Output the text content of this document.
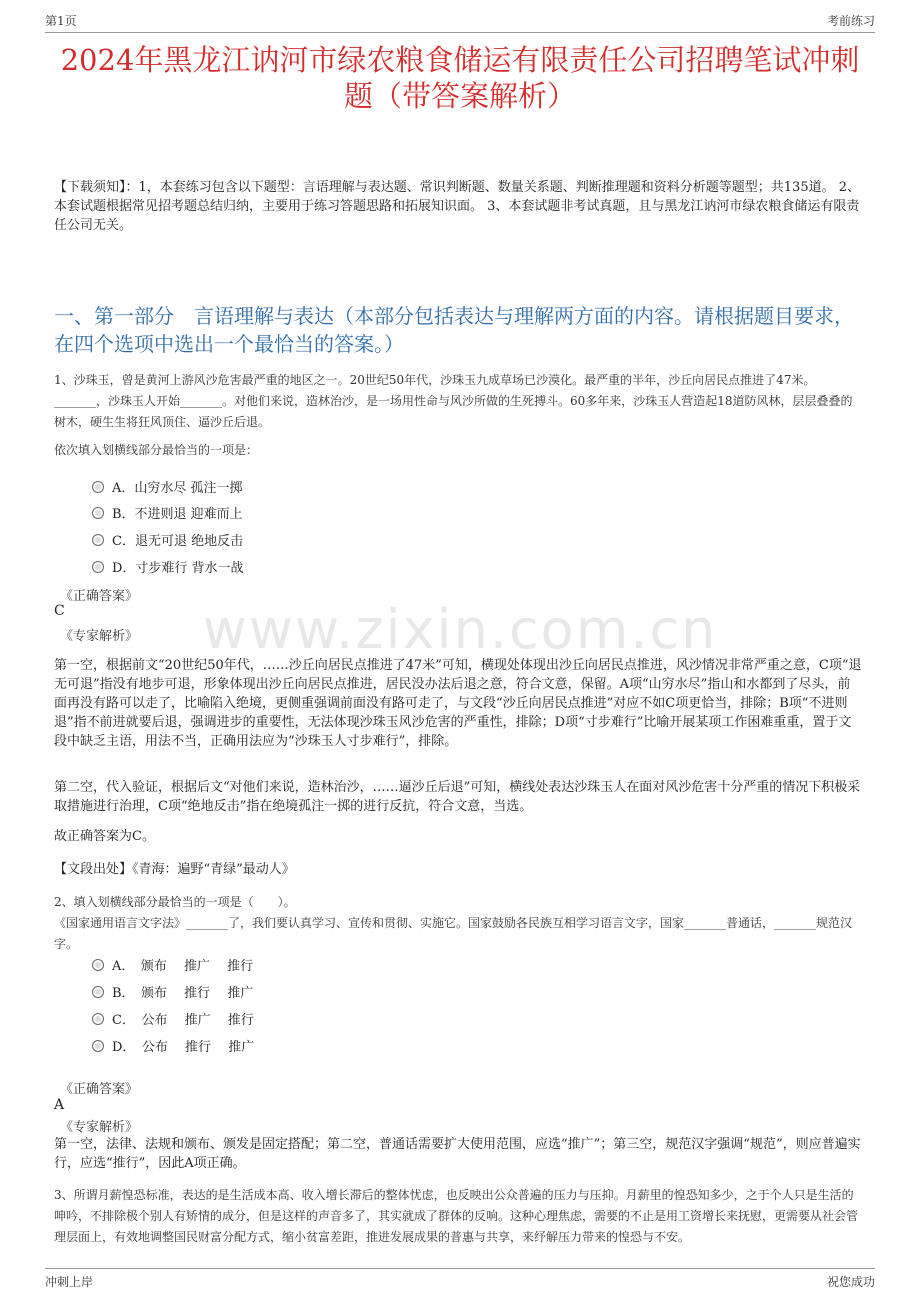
第1页	考前练习
www.zixin.com.cn
2024年黑龙江讷河市绿农粮食储运有限责任公司招聘笔试冲刺题（带答案解析）
【下载须知】：1，本套练习包含以下题型：言语理解与表达题、常识判断题、数量关系题、判断推理题和资料分析题等题型；共135道。 2、本套试题根据常见招考题总结归纳，主要用于练习答题思路和拓展知识面。 3、本套试题非考试真题，且与黑龙江讷河市绿农粮食储运有限责任公司无关。
一、第一部分　言语理解与表达（本部分包括表达与理解两方面的内容。请根据题目要求，在四个选项中选出一个最恰当的答案。）
1、沙珠玉，曾是黄河上游风沙危害最严重的地区之一。20世纪50年代，沙珠玉九成草场已沙漠化。最严重的半年，沙丘向居民点推进了47米。_______，沙珠玉人开始_______。对他们来说，造林治沙，是一场用性命与风沙所做的生死搏斗。60多年来，沙珠玉人营造起18道防风林，层层叠叠的树木，硬生生将狂风顶住、逼沙丘后退。
依次填入划横线部分最恰当的一项是：
A．山穷水尽 孤注一掷
B．不进则退 迎难而上
C．退无可退 绝地反击
D．寸步难行 背水一战
《正确答案》
C
《专家解析》
第一空，根据前文“20世纪50年代，……沙丘向居民点推进了47米”可知，横现处体现出沙丘向居民点推进，风沙情况非常严重之意，C项“退无可退”指没有地步可退，形象体现出沙丘向居民点推进，居民没办法后退之意，符合文意，保留。A项“山穷水尽”指山和水都到了尽头，前面再没有路可以走了，比喻陷入绝境，更侧重强调前面没有路可走了，与文段“沙丘向居民点推进”对应不如C项更恰当，排除；B项“不进则退”指不前进就要后退，强调进步的重要性，无法体现沙珠玉风沙危害的严重性，排除；D项“寸步难行”比喻开展某项工作困难重重，置于文段中缺乏主语，用法不当，正确用法应为“沙珠玉人寸步难行”，排除。
第二空，代入验证，根据后文“对他们来说，造林治沙，……逼沙丘后退”可知，横线处表达沙珠玉人在面对风沙危害十分严重的情况下积极采取措施进行治理，C项“绝地反击”指在绝境孤注一掷的进行反抗，符合文意，当选。
故正确答案为C。
【文段出处】《青海：遍野“青绿”最动人》
2、填入划横线部分最恰当的一项是（　　）。
《国家通用语言文字法》_______了，我们要认真学习、宣传和贯彻、实施它。国家鼓励各民族互相学习语言文字，国家_______普通话，_______规范汉字。
A．　颁布　 推广　 推行
B．　颁布　 推行　 推广
C．　公布　 推广　 推行
D．　公布　 推行　 推广
《正确答案》
A
《专家解析》
第一空，法律、法规和颁布、颁发是固定搭配；第二空，普通话需要扩大使用范围，应选“推广”；第三空，规范汉字强调“规范”，则应普遍实行，应选“推行”，因此A项正确。
3、所谓月薪惶恐标准，表达的是生活成本高、收入增长滞后的整体忧虑，也反映出公众普遍的压力与压抑。月薪里的惶恐知多少，之于个人只是生活的呻吟，不排除极个别人有矫情的成分，但是这样的声音多了，其实就成了群体的反响。这种心理焦虑，需要的不止是用工资增长来抚慰，更需要从社会管理层面上，有效地调整国民财富分配方式，缩小贫富差距，推进发展成果的普惠与共享，来纾解压力带来的惶恐与不安。
冲刺上岸	祝您成功
